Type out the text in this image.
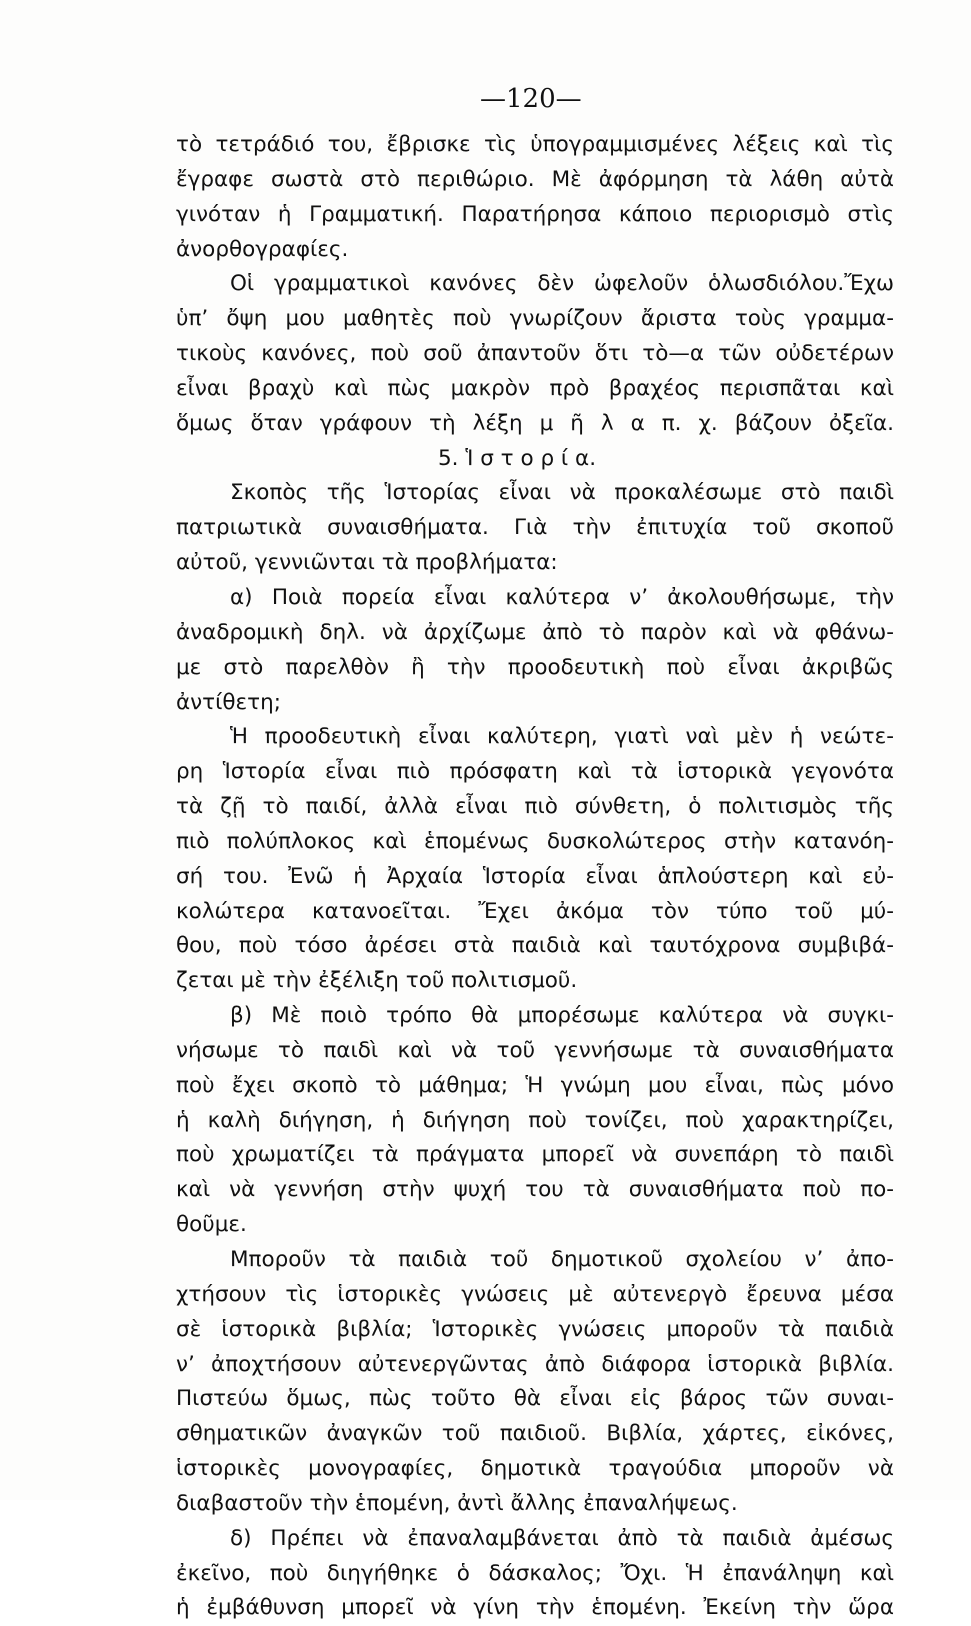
—120—
τὸ τετράδιό του, ἔβρισκε τὶς ὑπογραμμισμένες λέξεις καὶ τὶς
ἔγραφε σωστὰ στὸ περιθώριο. Μὲ ἀφόρμηση τὰ λάθη αὐτὰ
γινόταν ἡ Γραμματική. Παρατήρησα κάποιο περιορισμὸ στὶς
ἀνορθογραφίες.
Οἱ γραμματικοὶ κανόνες δὲν ὠφελοῦν ὁλωσδιόλου.Ἔχω
ὑπ’ ὄψη μου μαθητὲς ποὺ γνωρίζουν ἄριστα τοὺς γραμμα-
τικοὺς κανόνες, ποὺ σοῦ ἀπαντοῦν ὅτι τὸ—α τῶν οὐδετέρων
εἶναι βραχὺ καὶ πὼς μακρὸν πρὸ βραχέος περισπᾶται καὶ
ὅμως ὅταν γράφουν τὴ λέξη μ ῆ λ α π. χ. βάζουν ὀξεῖα.
5. Ἱ σ τ ο ρ ί α.
Σκοπὸς τῆς Ἱστορίας εἶναι νὰ προκαλέσωμε στὸ παιδὶ
πατριωτικὰ συναισθήματα. Γιὰ τὴν ἐπιτυχία τοῦ σκοποῦ
αὐτοῦ, γεννιῶνται τὰ προβλήματα:
α) Ποιὰ πορεία εἶναι καλύτερα ν’ ἀκολουθήσωμε, τὴν
ἀναδρομικὴ δηλ. νὰ ἀρχίζωμε ἀπὸ τὸ παρὸν καὶ νὰ φθάνω-
με στὸ παρελθὸν ἢ τὴν προοδευτικὴ ποὺ εἶναι ἀκριβῶς
ἀντίθετη;
Ἡ προοδευτικὴ εἶναι καλύτερη, γιατὶ ναὶ μὲν ἡ νεώτε-
ρη Ἱστορία εἶναι πιὸ πρόσφατη καὶ τὰ ἱστορικὰ γεγονότα
τὰ ζῇ τὸ παιδί, ἀλλὰ εἶναι πιὸ σύνθετη, ὁ πολιτισμὸς τῆς
πιὸ πολύπλοκος καὶ ἑπομένως δυσκολώτερος στὴν κατανόη-
σή του. Ἐνῶ ἡ Ἀρχαία Ἱστορία εἶναι ἁπλούστερη καὶ εὐ-
κολώτερα κατανοεῖται. Ἔχει ἀκόμα τὸν τύπο τοῦ μύ-
θου, ποὺ τόσο ἀρέσει στὰ παιδιὰ καὶ ταυτόχρονα συμβιβά-
ζεται μὲ τὴν ἐξέλιξη τοῦ πολιτισμοῦ.
β) Μὲ ποιὸ τρόπο θὰ μπορέσωμε καλύτερα νὰ συγκι-
νήσωμε τὸ παιδὶ καὶ νὰ τοῦ γεννήσωμε τὰ συναισθήματα
ποὺ ἔχει σκοπὸ τὸ μάθημα; Ἡ γνώμη μου εἶναι, πὼς μόνο
ἡ καλὴ διήγηση, ἡ διήγηση ποὺ τονίζει, ποὺ χαρακτηρίζει,
ποὺ χρωματίζει τὰ πράγματα μπορεῖ νὰ συνεπάρη τὸ παιδὶ
καὶ νὰ γεννήση στὴν ψυχή του τὰ συναισθήματα ποὺ πο-
θοῦμε.
Μποροῦν τὰ παιδιὰ τοῦ δημοτικοῦ σχολείου ν’ ἀπο-
χτήσουν τὶς ἱστορικὲς γνώσεις μὲ αὐτενεργὸ ἔρευνα μέσα
σὲ ἱστορικὰ βιβλία; Ἱστορικὲς γνώσεις μποροῦν τὰ παιδιὰ
ν’ ἀποχτήσουν αὐτενεργῶντας ἀπὸ διάφορα ἱστορικὰ βιβλία.
Πιστεύω ὅμως, πὼς τοῦτο θὰ εἶναι εἰς βάρος τῶν συναι-
σθηματικῶν ἀναγκῶν τοῦ παιδιοῦ. Βιβλία, χάρτες, εἰκόνες,
ἱστορικὲς μονογραφίες, δημοτικὰ τραγούδια μποροῦν νὰ
διαβαστοῦν τὴν ἑπομένη, ἀντὶ ἄλλης ἐπαναλήψεως.
δ) Πρέπει νὰ ἐπαναλαμβάνεται ἀπὸ τὰ παιδιὰ ἀμέσως
ἐκεῖνο, ποὺ διηγήθηκε ὁ δάσκαλος; Ὄχι. Ἡ ἐπανάληψη καὶ
ἡ ἐμβάθυνση μπορεῖ νὰ γίνη τὴν ἑπομένη. Ἐκείνη τὴν ὥρα
